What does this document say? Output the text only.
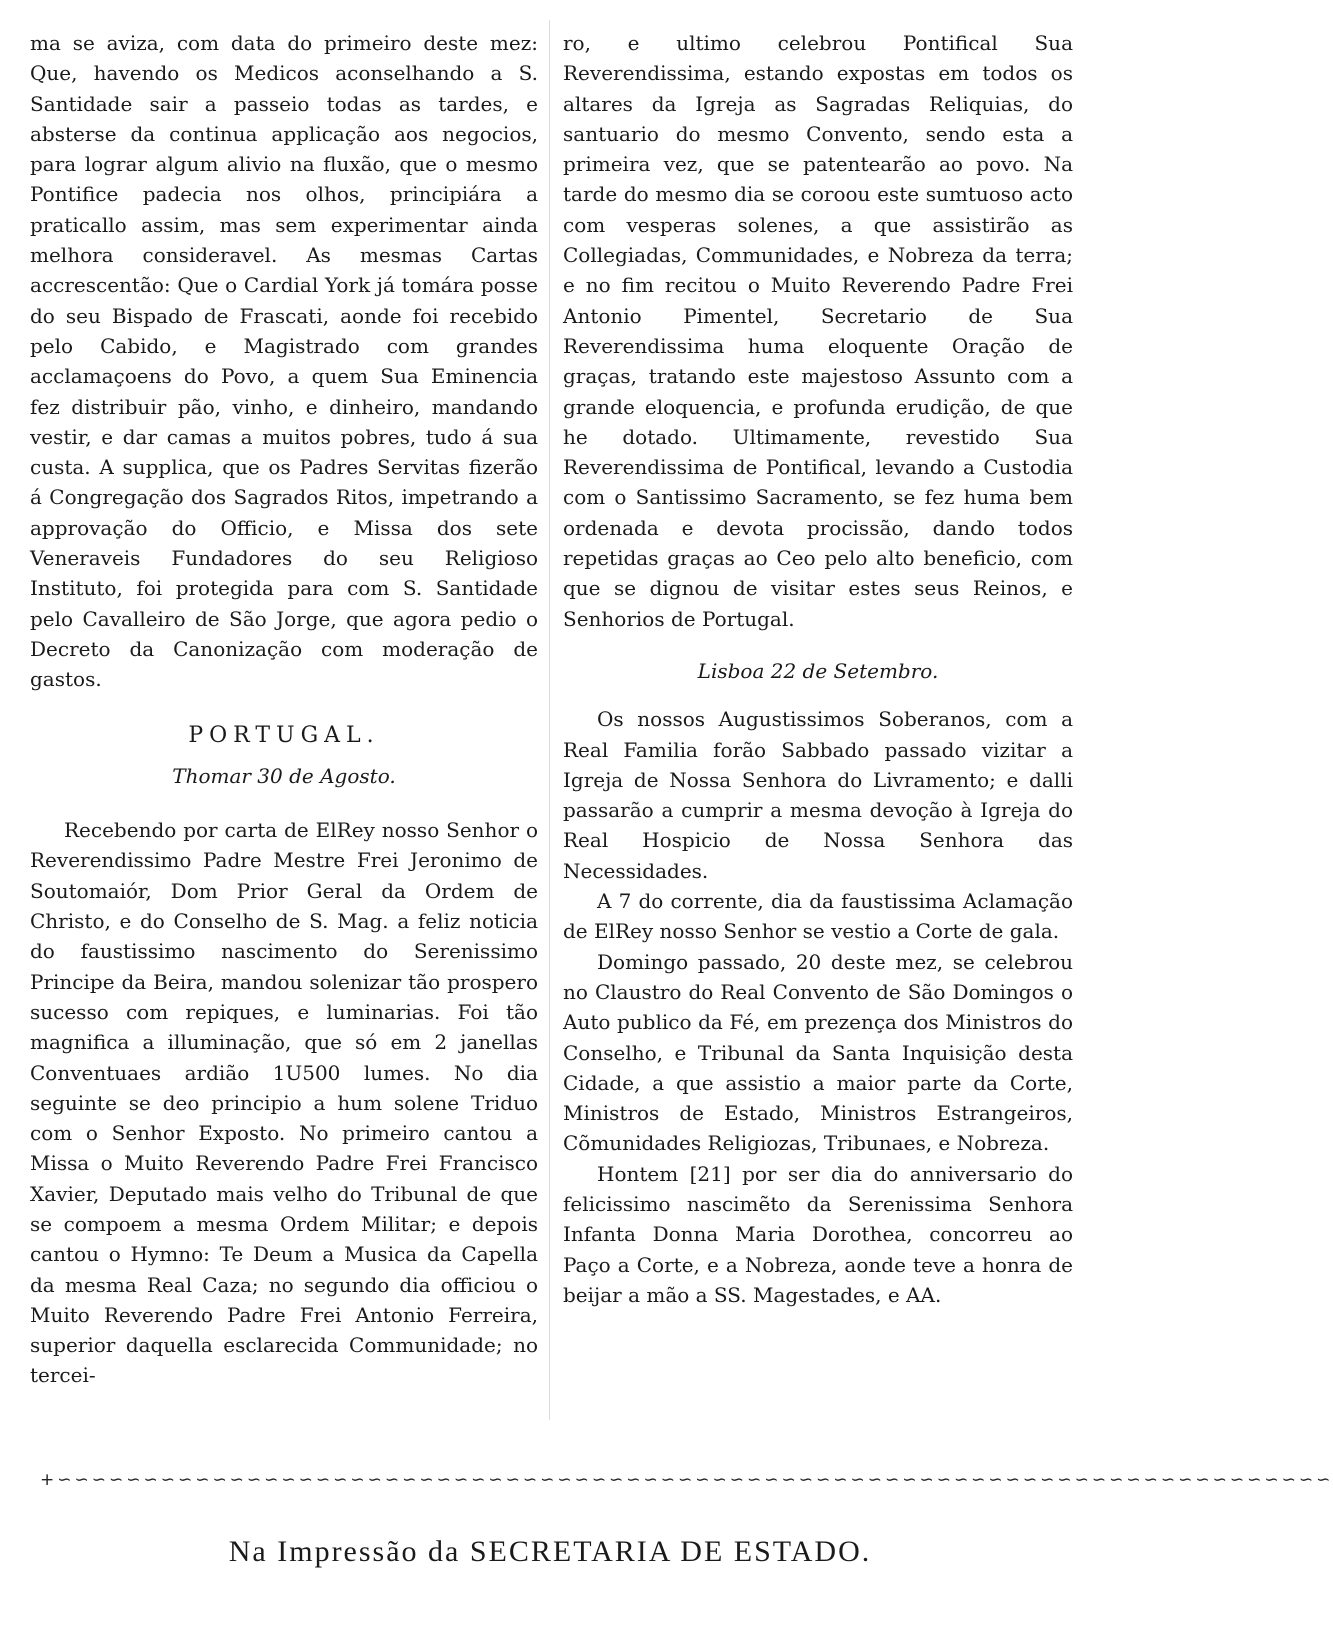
ma se aviza, com data do primeiro deste mez: Que, havendo os Medicos aconselhando a S. Santidade sair a passeio todas as tardes, e absterse da continua applicação aos negocios, para lograr algum alivio na fluxão, que o mesmo Pontifice padecia nos olhos, principiára a praticallo assim, mas sem experimentar ainda melhora consideravel. As mesmas Cartas accrescentão: Que o Cardial York já tomára posse do seu Bispado de Frascati, aonde foi recebido pelo Cabido, e Magistrado com grandes acclamaçoens do Povo, a quem Sua Eminencia fez distribuir pão, vinho, e dinheiro, mandando vestir, e dar camas a muitos pobres, tudo á sua custa. A supplica, que os Padres Servitas fizerão á Congregação dos Sagrados Ritos, impetrando a approvação do Officio, e Missa dos sete Veneraveis Fundadores do seu Religioso Instituto, foi protegida para com S. Santidade pelo Cavalleiro de São Jorge, que agora pedio o Decreto da Canonização com moderação de gastos.

PORTUGAL.
Thomar 30 de Agosto.

Recebendo por carta de ElRey nosso Senhor o Reverendissimo Padre Mestre Frei Jeronimo de Soutomaiór, Dom Prior Geral da Ordem de Christo, e do Conselho de S. Mag. a feliz noticia do faustissimo nascimento do Serenissimo Principe da Beira, mandou solenizar tão prospero sucesso com repiques, e luminarias. Foi tão magnifica a illuminação, que só em 2 janellas Conventuaes ardião 1U500 lumes. No dia seguinte se deo principio a hum solene Triduo com o Senhor Exposto. No primeiro cantou a Missa o Muito Reverendo Padre Frei Francisco Xavier, Deputado mais velho do Tribunal de que se compoem a mesma Ordem Militar; e depois cantou o Hymno: Te Deum a Musica da Capella da mesma Real Caza; no segundo dia officiou o Muito Reverendo Padre Frei Antonio Ferreira, superior daquella esclarecida Communidade; no tercei-

ro, e ultimo celebrou Pontifical Sua Reverendissima, estando expostas em todos os altares da Igreja as Sagradas Reliquias, do santuario do mesmo Convento, sendo esta a primeira vez, que se patentearão ao povo. Na tarde do mesmo dia se coroou este sumtuoso acto com vesperas solenes, a que assistirão as Collegiadas, Communidades, e Nobreza da terra; e no fim recitou o Muito Reverendo Padre Frei Antonio Pimentel, Secretario de Sua Reverendissima huma eloquente Oração de graças, tratando este majestoso Assunto com a grande eloquencia, e profunda erudição, de que he dotado. Ultimamente, revestido Sua Reverendissima de Pontifical, levando a Custodia com o Santissimo Sacramento, se fez huma bem ordenada e devota procissão, dando todos repetidas graças ao Ceo pelo alto beneficio, com que se dignou de visitar estes seus Reinos, e Senhorios de Portugal.

Lisboa 22 de Setembro.

Os nossos Augustissimos Soberanos, com a Real Familia forão Sabbado passado vizitar a Igreja de Nossa Senhora do Livramento; e dalli passarão a cumprir a mesma devoção à Igreja do Real Hospicio de Nossa Senhora das Necessidades.

A 7 do corrente, dia da faustissima Aclamação de ElRey nosso Senhor se vestio a Corte de gala.

Domingo passado, 20 deste mez, se celebrou no Claustro do Real Convento de São Domingos o Auto publico da Fé, em prezença dos Ministros do Conselho, e Tribunal da Santa Inquisição desta Cidade, a que assistio a maior parte da Corte, Ministros de Estado, Ministros Estrangeiros, Cõmunidades Religiozas, Tribunaes, e Nobreza.

Hontem [21] por ser dia do anniversario do felicissimo nascimẽto da Serenissima Senhora Infanta Donna Maria Dorothea, concorreu ao Paço a Corte, e a Nobreza, aonde teve a honra de beijar a mão a SS. Magestades, e AA.

+∽∽∽∽∽∽∽∽∽∽∽∽∽∽∽∽∽∽∽∽∽∽∽∽∽∽∽∽∽∽∽∽∽∽∽∽∽∽∽∽∽∽∽∽∽∽∽∽∽∽∽∽∽∽∽∽∽∽∽∽∽∽∽∽∽∽∽∽∽∽∽∽∽∽
Na Impressão da SECRETARIA DE ESTADO.
